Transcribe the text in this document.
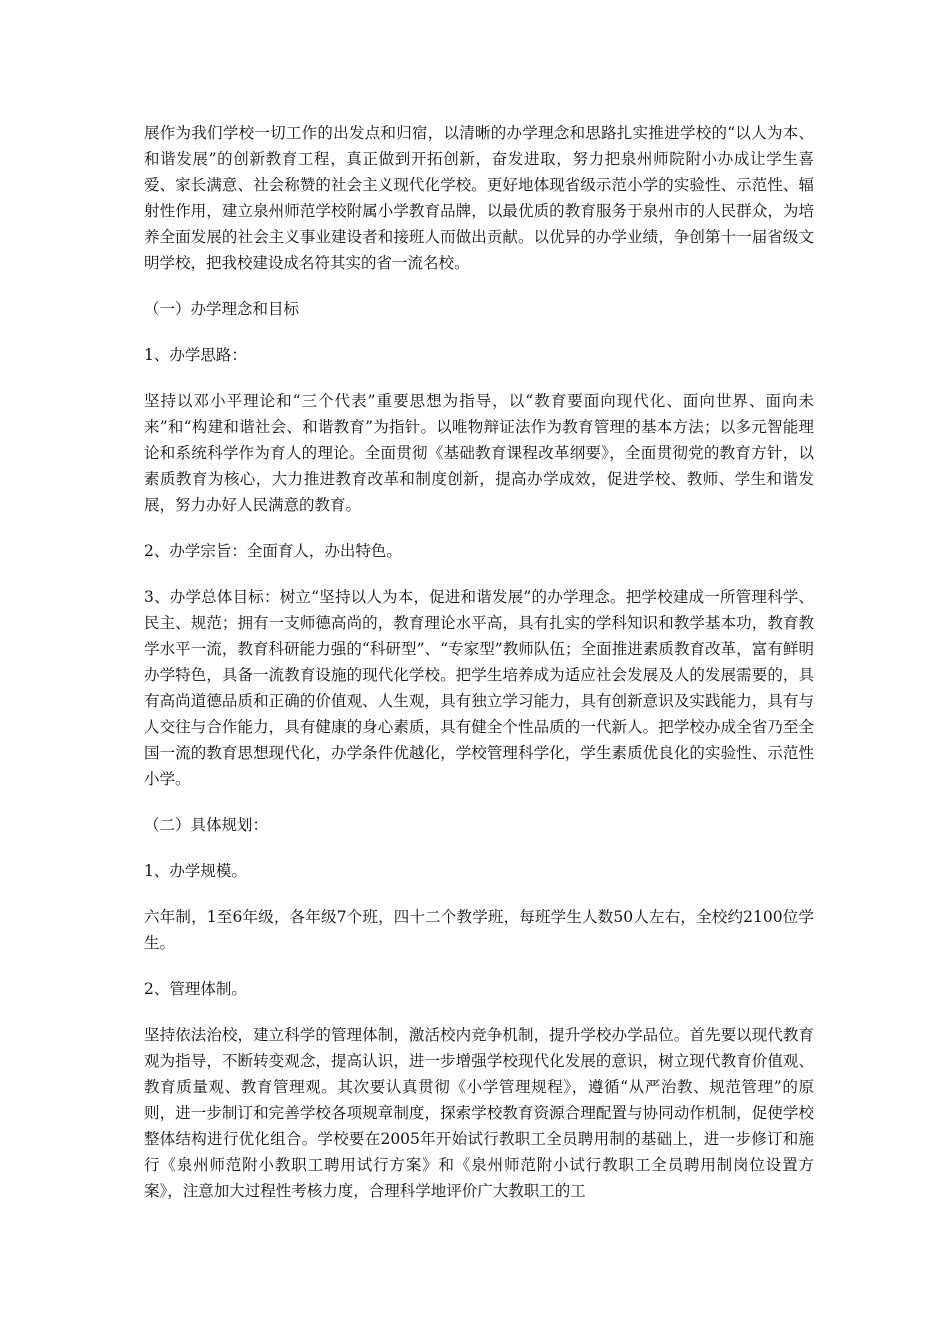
展作为我们学校一切工作的出发点和归宿，以清晰的办学理念和思路扎实推进学校的“以人为本、和谐发展”的创新教育工程，真正做到开拓创新，奋发进取，努力把泉州师院附小办成让学生喜爱、家长满意、社会称赞的社会主义现代化学校。更好地体现省级示范小学的实验性、示范性、辐射性作用，建立泉州师范学校附属小学教育品牌，以最优质的教育服务于泉州市的人民群众，为培养全面发展的社会主义事业建设者和接班人而做出贡献。以优异的办学业绩，争创第十一届省级文明学校，把我校建设成名符其实的省一流名校。

（一）办学理念和目标

1、办学思路：

坚持以邓小平理论和“三个代表”重要思想为指导，以“教育要面向现代化、面向世界、面向未来”和“构建和谐社会、和谐教育”为指针。以唯物辩证法作为教育管理的基本方法；以多元智能理论和系统科学作为育人的理论。全面贯彻《基础教育课程改革纲要》，全面贯彻党的教育方针，以素质教育为核心，大力推进教育改革和制度创新，提高办学成效，促进学校、教师、学生和谐发展，努力办好人民满意的教育。

2、办学宗旨：全面育人，办出特色。

3、办学总体目标：树立“坚持以人为本，促进和谐发展”的办学理念。把学校建成一所管理科学、民主、规范；拥有一支师德高尚的，教育理论水平高，具有扎实的学科知识和教学基本功，教育教学水平一流，教育科研能力强的“科研型”、“专家型”教师队伍；全面推进素质教育改革，富有鲜明办学特色，具备一流教育设施的现代化学校。把学生培养成为适应社会发展及人的发展需要的，具有高尚道德品质和正确的价值观、人生观，具有独立学习能力，具有创新意识及实践能力，具有与人交往与合作能力，具有健康的身心素质，具有健全个性品质的一代新人。把学校办成全省乃至全国一流的教育思想现代化，办学条件优越化，学校管理科学化，学生素质优良化的实验性、示范性小学。

（二）具体规划：

1、办学规模。

六年制，1至6年级，各年级7个班，四十二个教学班，每班学生人数50人左右，全校约2100位学生。

2、管理体制。

坚持依法治校，建立科学的管理体制，激活校内竞争机制，提升学校办学品位。首先要以现代教育观为指导，不断转变观念，提高认识，进一步增强学校现代化发展的意识，树立现代教育价值观、教育质量观、教育管理观。其次要认真贯彻《小学管理规程》，遵循“从严治教、规范管理”的原则，进一步制订和完善学校各项规章制度，探索学校教育资源合理配置与协同动作机制，促使学校整体结构进行优化组合。学校要在2005年开始试行教职工全员聘用制的基础上，进一步修订和施行《泉州师范附小教职工聘用试行方案》和《泉州师范附小试行教职工全员聘用制岗位设置方案》，注意加大过程性考核力度，合理科学地评价广大教职工的工
